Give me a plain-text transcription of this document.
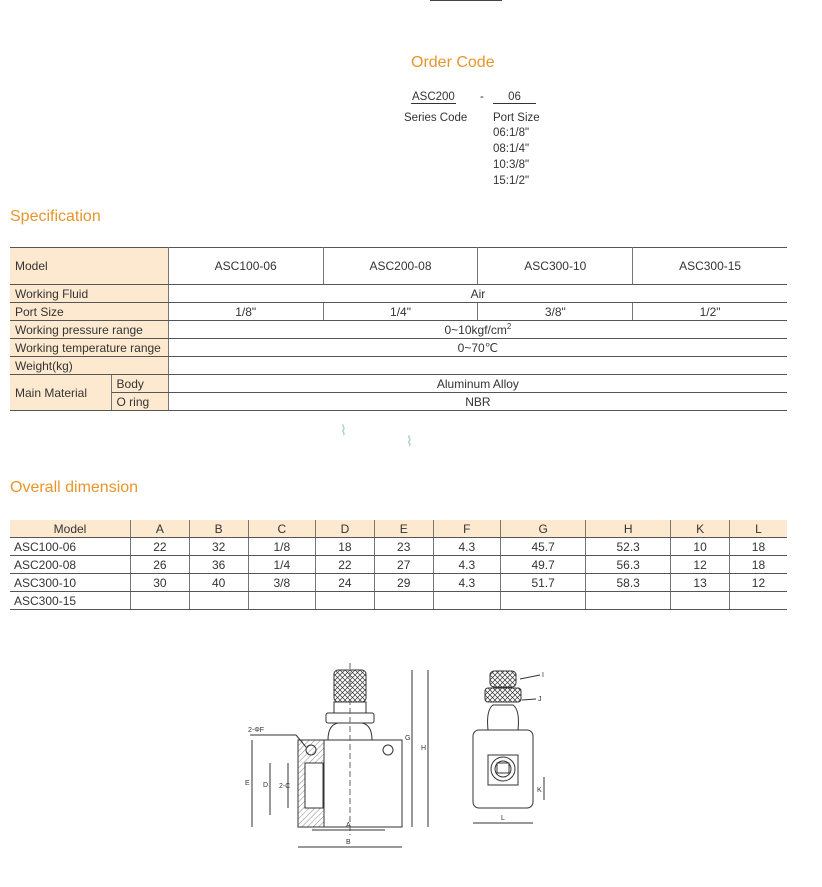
Order Code
ASC200 -	06
Series Code Port Size
06:1/8"
08:1/4"
10:3/8"
15:1/2"
Specification
Model		ASC100-06	ASC200-08	ASC300-10	ASC300-15
Working Fluid		Air			
Port Size		1/8"	1/4"	3/8"	1/2"
Working pressure range		$0\sim 10kgf/cm^2$
Working temperature range		0~70℃			
Weight(kg)					
Main Material	Body	Aluminum Alloy			
	O ring	NBR			
⌇
⌇
Overall dimension
Model	A	B	C	D	E	F	G	H	K	L
ASC100-06	22	32	1/8	18	23	4.3	45.7	52.3	10	18
ASC200-08	26	36	1/4	22	27	4.3	49.7	56.3	12	18
ASC300-10	30	40	3/8	24	29	4.3	51.7	58.3	13	12
ASC300-15										
2-ΦF
A
B
2-C
D
E
G
H
I
J
K
L
